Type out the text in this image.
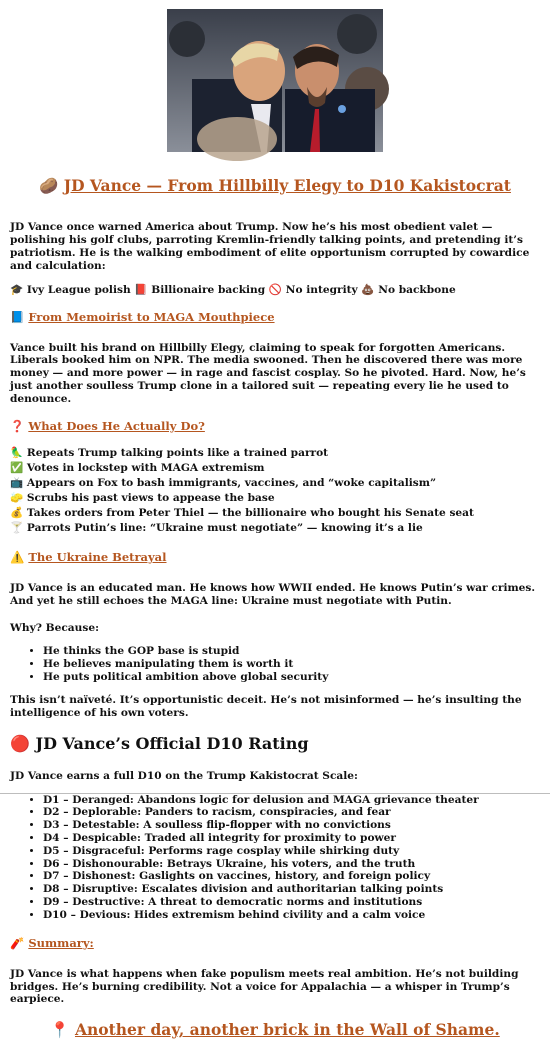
🥔 JD Vance — From Hillbilly Elegy to D10 Kakistocrat

JD Vance once warned America about Trump. Now he’s his most obedient valet — polishing his golf clubs, parroting Kremlin-friendly talking points, and pretending it’s patriotism. He is the walking embodiment of elite opportunism corrupted by cowardice and calculation:

🎓 Ivy League polish 📕 Billionaire backing 🚫 No integrity 💩 No backbone
📘 From Memoirist to MAGA Mouthpiece

Vance built his brand on Hillbilly Elegy, claiming to speak for forgotten Americans. Liberals booked him on NPR. The media swooned. Then he discovered there was more money — and more power — in rage and fascist cosplay. So he pivoted. Hard. Now, he’s just another soulless Trump clone in a tailored suit — repeating every lie he used to denounce.

❓ What Does He Actually Do?
🦜 Repeats Trump talking points like a trained parrot
✅ Votes in lockstep with MAGA extremism
📺 Appears on Fox to bash immigrants, vaccines, and “woke capitalism”
🧽 Scrubs his past views to appease the base
💰 Takes orders from Peter Thiel — the billionaire who bought his Senate seat
🍸 Parrots Putin’s line: “Ukraine must negotiate” — knowing it’s a lie
⚠️ The Ukraine Betrayal

JD Vance is an educated man. He knows how WWII ended. He knows Putin’s war crimes. And yet he still echoes the MAGA line: Ukraine must negotiate with Putin.

Why? Because:

• He thinks the GOP base is stupid
• He believes manipulating them is worth it
• He puts political ambition above global security

This isn’t naïveté. It’s opportunistic deceit. He’s not misinformed — he’s insulting the intelligence of his own voters.

🔴 JD Vance’s Official D10 Rating

JD Vance earns a full D10 on the Trump Kakistocrat Scale:

• D1 – Deranged: Abandons logic for delusion and MAGA grievance theater
• D2 – Deplorable: Panders to racism, conspiracies, and fear
• D3 – Detestable: A soulless flip-flopper with no convictions
• D4 – Despicable: Traded all integrity for proximity to power
• D5 – Disgraceful: Performs rage cosplay while shirking duty
• D6 – Dishonourable: Betrays Ukraine, his voters, and the truth
• D7 – Dishonest: Gaslights on vaccines, history, and foreign policy
• D8 – Disruptive: Escalates division and authoritarian talking points
• D9 – Destructive: A threat to democratic norms and institutions
• D10 – Devious: Hides extremism behind civility and a calm voice
🧨 Summary:

JD Vance is what happens when fake populism meets real ambition. He’s not building bridges. He’s burning credibility. Not a voice for Appalachia — a whisper in Trump’s earpiece.

📍 Another day, another brick in the Wall of Shame.
